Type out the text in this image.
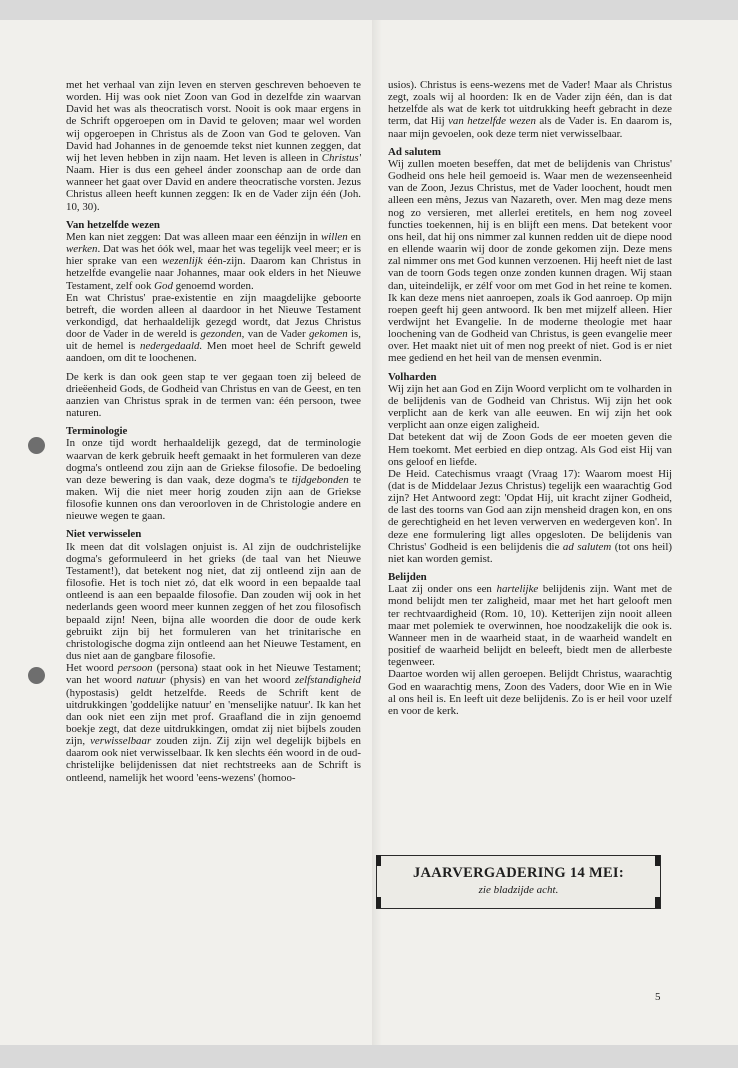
met het verhaal van zijn leven en sterven geschreven behoeven te worden. Hij was ook niet Zoon van God in dezelfde zin waarvan David het was als theocratisch vorst. Nooit is ook maar ergens in de Schrift opgeroepen om in David te geloven; maar wel worden wij opgeroepen in Christus als de Zoon van God te geloven. Van David had Johannes in de genoemde tekst niet kunnen zeggen, dat wij het leven hebben in zijn naam. Het leven is alleen in Christus' Naam. Hier is dus een geheel ánder zoonschap aan de orde dan wanneer het gaat over David en andere theocratische vorsten. Jezus Christus alleen heeft kunnen zeggen: Ik en de Vader zijn één (Joh. 10, 30).

Van hetzelfde wezen

Men kan niet zeggen: Dat was alleen maar een éénzijn in willen en werken. Dat was het óók wel, maar het was tegelijk veel meer; er is hier sprake van een wezenlijk één-zijn. Daarom kan Christus in hetzelfde evangelie naar Johannes, maar ook elders in het Nieuwe Testament, zelf ook God genoemd worden.

En wat Christus' prae-existentie en zijn maagdelijke geboorte betreft, die worden alleen al daardoor in het Nieuwe Testament verkondigd, dat herhaaldelijk gezegd wordt, dat Jezus Christus door de Vader in de wereld is gezonden, van de Vader gekomen is, uit de hemel is nedergedaald. Men moet heel de Schrift geweld aandoen, om dit te loochenen.

De kerk is dan ook geen stap te ver gegaan toen zij beleed de drieëenheid Gods, de Godheid van Christus en van de Geest, en ten aanzien van Christus sprak in de termen van: één persoon, twee naturen.

Terminologie

In onze tijd wordt herhaaldelijk gezegd, dat de terminologie waarvan de kerk gebruik heeft gemaakt in het formuleren van deze dogma's ontleend zou zijn aan de Griekse filosofie. De bedoeling van deze bewering is dan vaak, deze dogma's te tijdgebonden te maken. Wij die niet meer horig zouden zijn aan de Griekse filosofie kunnen ons dan veroorloven in de Christologie andere en nieuwe wegen te gaan.

Niet verwisselen

Ik meen dat dit volslagen onjuist is. Al zijn de oudchristelijke dogma's geformuleerd in het grieks (de taal van het Nieuwe Testament!), dat betekent nog niet, dat zij ontleend zijn aan de filosofie. Het is toch niet zó, dat elk woord in een bepaalde taal ontleend is aan een bepaalde filosofie. Dan zouden wij ook in het nederlands geen woord meer kunnen zeggen of het zou filosofisch bepaald zijn! Neen, bijna alle woorden die door de oude kerk gebruikt zijn bij het formuleren van het trinitarische en christologische dogma zijn ontleend aan het Nieuwe Testament, en dus niet aan de gangbare filosofie.

Het woord persoon (persona) staat ook in het Nieuwe Testament; van het woord natuur (physis) en van het woord zelfstandigheid (hypostasis) geldt hetzelfde. Reeds de Schrift kent de uitdrukkingen 'goddelijke natuur' en 'menselijke natuur'. Ik kan het dan ook niet een zijn met prof. Graafland die in zijn genoemd boekje zegt, dat deze uitdrukkingen, omdat zij niet bijbels zouden zijn, verwisselbaar zouden zijn. Zij zijn wel degelijk bijbels en daarom ook niet verwisselbaar. Ik ken slechts één woord in de oud-christelijke belijdenissen dat niet rechtstreeks aan de Schrift is ontleend, namelijk het woord 'eens-wezens' (homoo-

usios). Christus is eens-wezens met de Vader! Maar als Christus zegt, zoals wij al hoorden: Ik en de Vader zijn één, dan is dat hetzelfde als wat de kerk tot uitdrukking heeft gebracht in deze term, dat Hij van hetzelfde wezen als de Vader is. En daarom is, naar mijn gevoelen, ook deze term niet verwisselbaar.

Ad salutem

Wij zullen moeten beseffen, dat met de belijdenis van Christus' Godheid ons hele heil gemoeid is. Waar men de wezenseenheid van de Zoon, Jezus Christus, met de Vader loochent, houdt men alleen een mèns, Jezus van Nazareth, over. Men mag deze mens nog zo versieren, met allerlei eretitels, en hem nog zoveel functies toekennen, hij is en blijft een mens. Dat betekent voor ons heil, dat hij ons nimmer zal kunnen redden uit de diepe nood en ellende waarin wij door de zonde gekomen zijn. Deze mens zal nimmer ons met God kunnen verzoenen. Hij heeft niet de last van de toorn Gods tegen onze zonden kunnen dragen. Wij staan dan, uiteindelijk, er zélf voor om met God in het reine te komen. Ik kan deze mens niet aanroepen, zoals ik God aanroep. Op mijn roepen geeft hij geen antwoord. Ik ben met mijzelf alleen. Hier verdwijnt het Evangelie. In de moderne theologie met haar loochening van de Godheid van Christus, is geen evangelie meer over. Het maakt niet uit of men nog preekt of niet. God is er niet mee gediend en het heil van de mensen evenmin.

Volharden

Wij zijn het aan God en Zijn Woord verplicht om te volharden in de belijdenis van de Godheid van Christus. Wij zijn het ook verplicht aan de kerk van alle eeuwen. En wij zijn het ook verplicht aan onze eigen zaligheid.

Dat betekent dat wij de Zoon Gods de eer moeten geven die Hem toekomt. Met eerbied en diep ontzag. Als God eist Hij van ons geloof en liefde.

De Heid. Catechismus vraagt (Vraag 17): Waarom moest Hij (dat is de Middelaar Jezus Christus) tegelijk een waarachtig God zijn? Het Antwoord zegt: 'Opdat Hij, uit kracht zijner Godheid, de last des toorns van God aan zijn mensheid dragen kon, en ons de gerechtigheid en het leven verwerven en wedergeven kon'. In deze ene formulering ligt alles opgesloten. De belijdenis van Christus' Godheid is een belijdenis die ad salutem (tot ons heil) niet kan worden gemist.

Belijden

Laat zij onder ons een hartelijke belijdenis zijn. Want met de mond belijdt men ter zaligheid, maar met het hart gelooft men ter rechtvaardigheid (Rom. 10, 10). Ketterijen zijn nooit alleen maar met polemiek te overwinnen, hoe noodzakelijk die ook is. Wanneer men in de waarheid staat, in de waarheid wandelt en positief de waarheid belijdt en beleeft, biedt men de allerbeste tegenweer.

Daartoe worden wij allen geroepen. Belijdt Christus, waarachtig God en waarachtig mens, Zoon des Vaders, door Wie en in Wie al ons heil is. En leeft uit deze belijdenis. Zo is er heil voor uzelf en voor de kerk.

JAARVERGADERING 14 MEI:
zie bladzijde acht.
5
